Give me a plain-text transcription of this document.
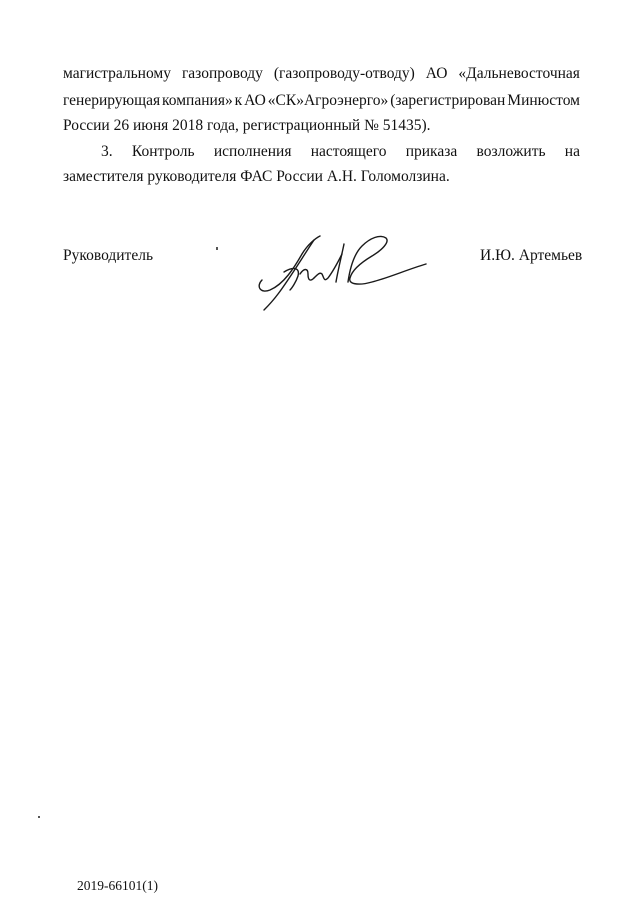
магистральному газопроводу (газопроводу-отводу) АО «Дальневосточная
генерирующая компания» к АО «СК»Агроэнерго» (зарегистрирован Минюстом
России 26 июня 2018 года, регистрационный № 51435).
3. Контроль исполнения настоящего приказа возложить на
заместителя руководителя ФАС России А.Н. Голомолзина.
Руководитель	И.Ю. Артемьев
2019-66101(1)
